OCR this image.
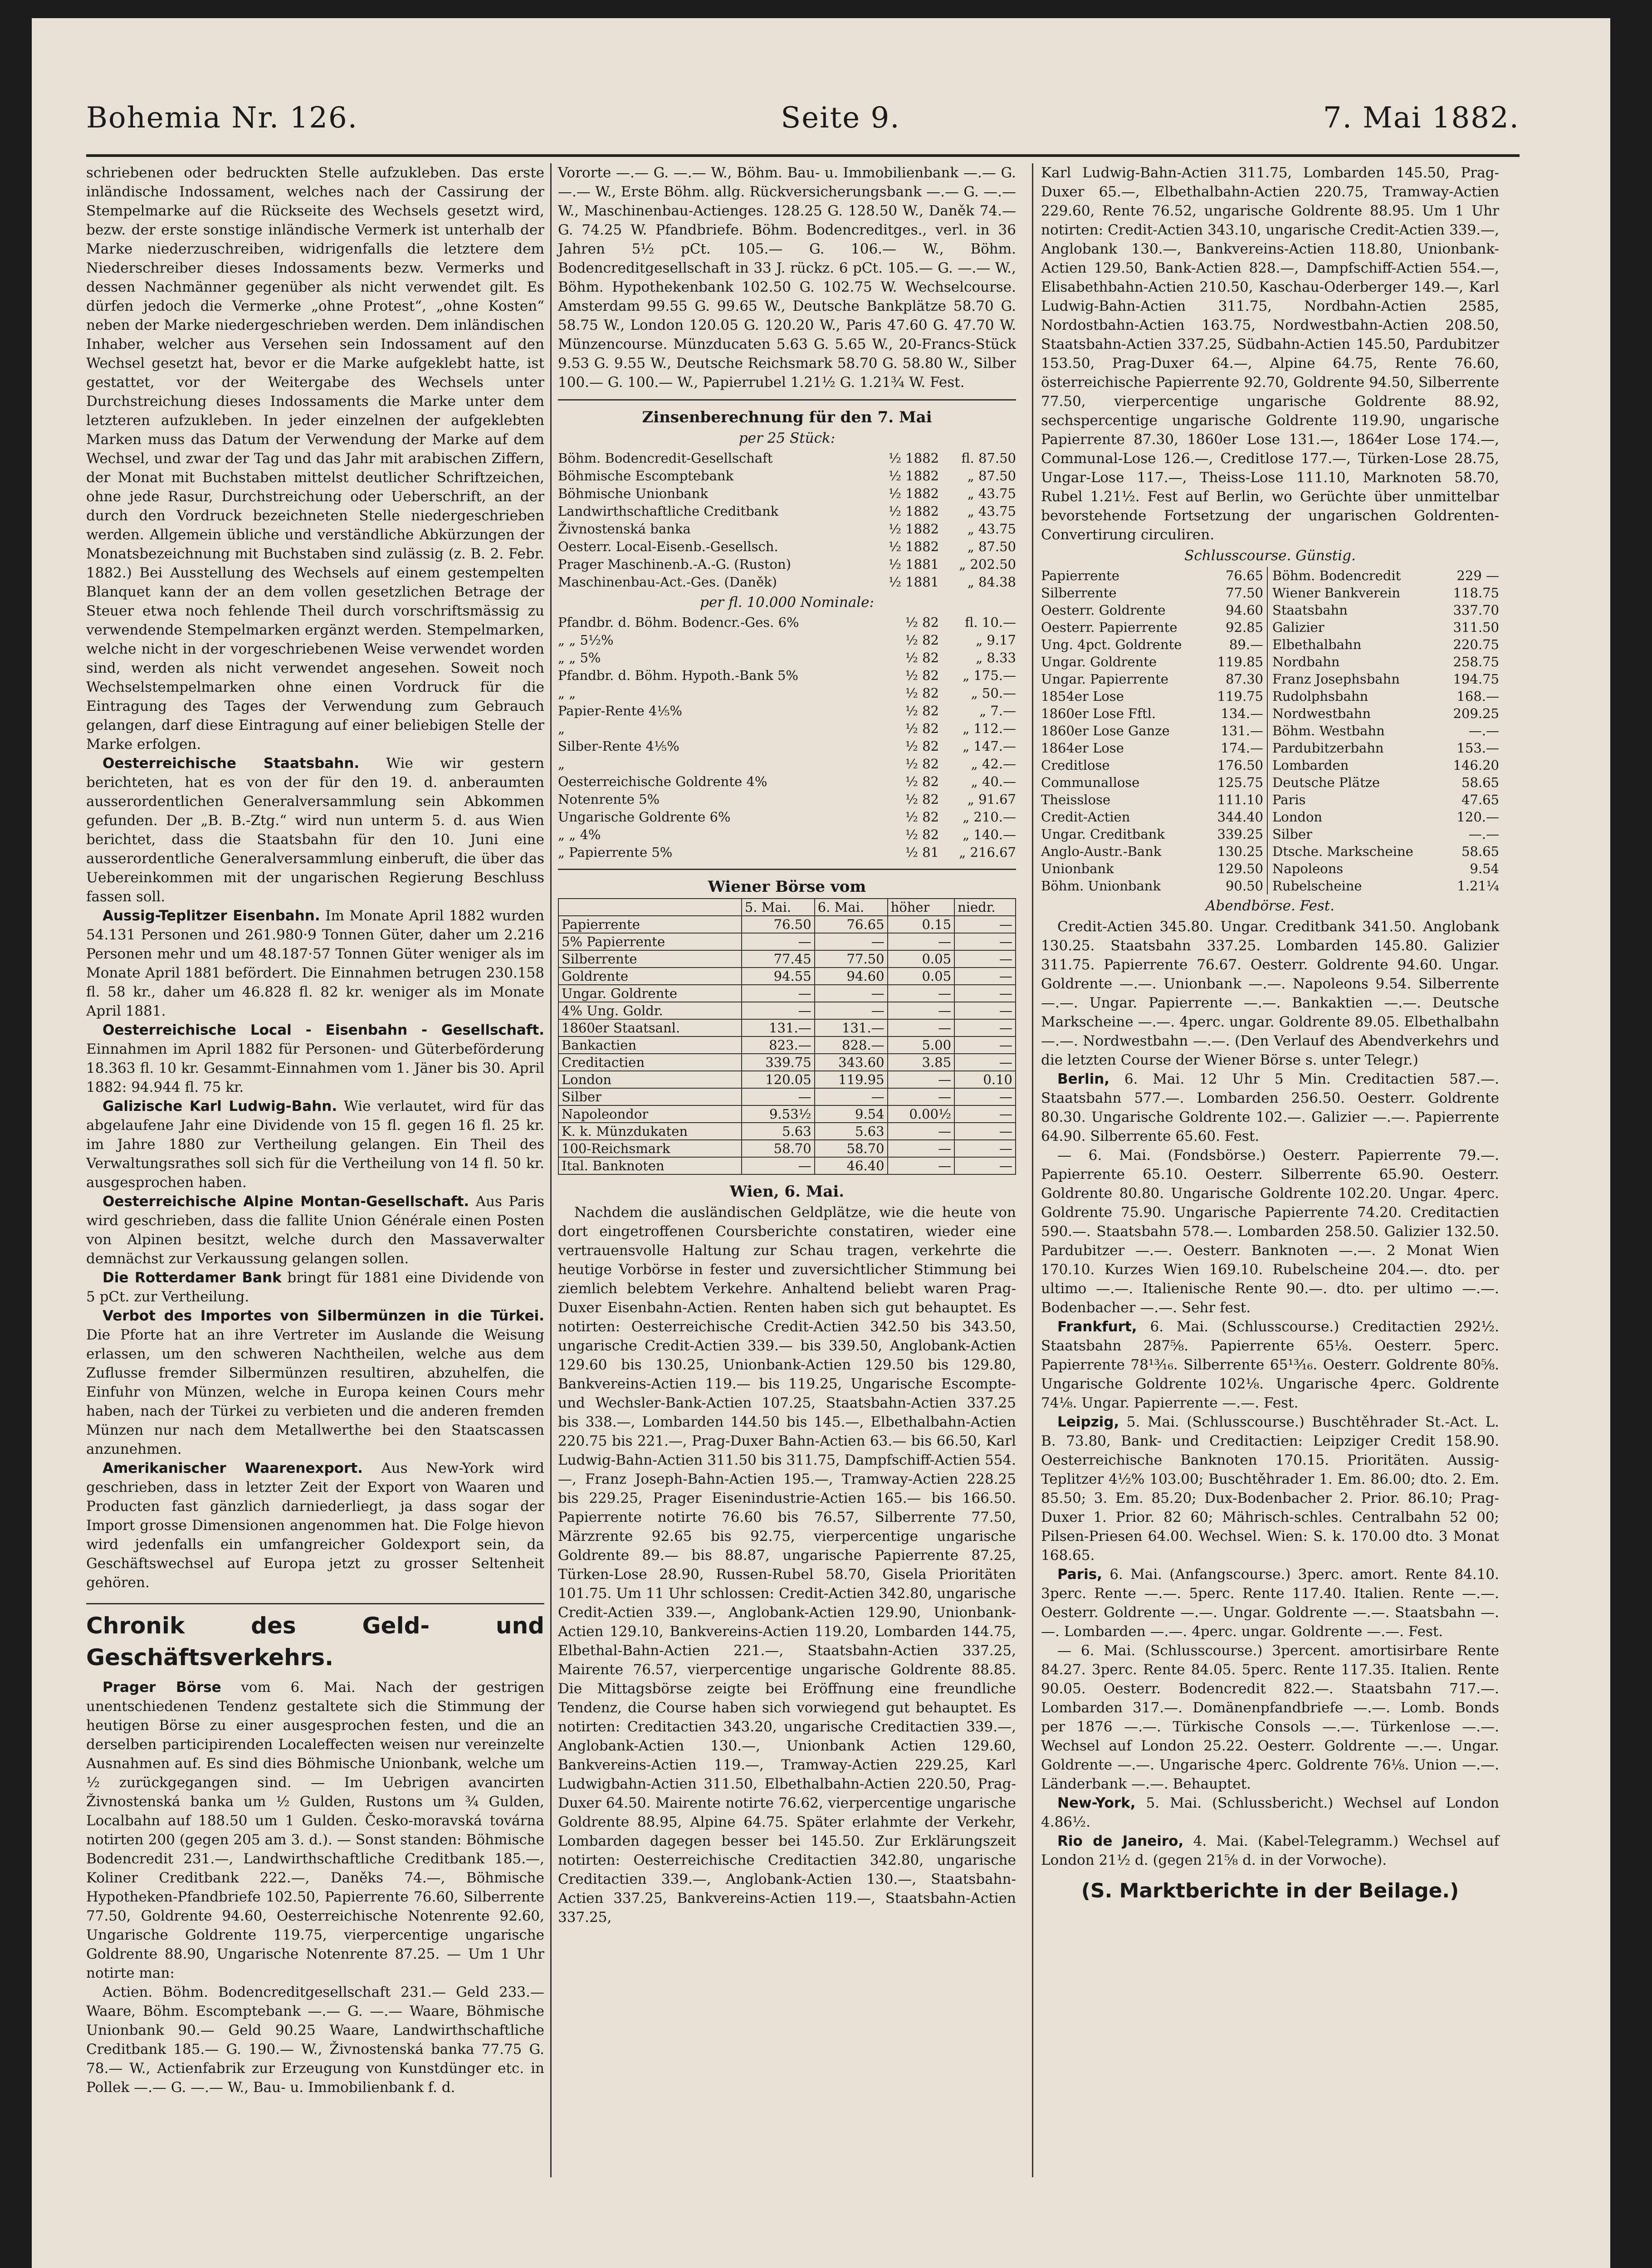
Bohemia Nr. 126.	Seite 9.	7. Mai 1882.

schriebenen oder bedruckten Stelle aufzukleben. Das erste inländische Indossament, welches nach der Cassirung der Stempelmarke auf die Rückseite des Wechsels gesetzt wird, bezw. der erste sonstige inländische Vermerk ist unterhalb der Marke niederzuschreiben, widrigenfalls die letztere dem Niederschreiber dieses Indossaments bezw. Vermerks und dessen Nachmänner gegenüber als nicht verwendet gilt. Es dürfen jedoch die Vermerke „ohne Protest“, „ohne Kosten“ neben der Marke niedergeschrieben werden. Dem inländischen Inhaber, welcher aus Versehen sein Indossament auf den Wechsel gesetzt hat, bevor er die Marke aufgeklebt hatte, ist gestattet, vor der Weitergabe des Wechsels unter Durchstreichung dieses Indossaments die Marke unter dem letzteren aufzukleben. In jeder einzelnen der aufgeklebten Marken muss das Datum der Verwendung der Marke auf dem Wechsel, und zwar der Tag und das Jahr mit arabischen Ziffern, der Monat mit Buchstaben mittelst deutlicher Schriftzeichen, ohne jede Rasur, Durchstreichung oder Ueberschrift, an der durch den Vordruck bezeichneten Stelle niedergeschrieben werden. Allgemein übliche und verständliche Abkürzungen der Monatsbezeichnung mit Buchstaben sind zulässig (z. B. 2. Febr. 1882.) Bei Ausstellung des Wechsels auf einem gestempelten Blanquet kann der an dem vollen gesetzlichen Betrage der Steuer etwa noch fehlende Theil durch vorschriftsmässig zu verwendende Stempelmarken ergänzt werden. Stempelmarken, welche nicht in der vorgeschriebenen Weise verwendet worden sind, werden als nicht verwendet angesehen. Soweit noch Wechselstempelmarken ohne einen Vordruck für die Eintragung des Tages der Verwendung zum Gebrauch gelangen, darf diese Eintragung auf einer beliebigen Stelle der Marke erfolgen.

Oesterreichische Staatsbahn. Wie wir gestern berichteten, hat es von der für den 19. d. anberaumten ausserordentlichen Generalversammlung sein Abkommen gefunden. Der „B. B.-Ztg.“ wird nun unterm 5. d. aus Wien berichtet, dass die Staatsbahn für den 10. Juni eine ausserordentliche Generalversammlung einberuft, die über das Uebereinkommen mit der ungarischen Regierung Beschluss fassen soll.

Aussig-Teplitzer Eisenbahn. Im Monate April 1882 wurden 54.131 Personen und 261.980·9 Tonnen Güter, daher um 2.216 Personen mehr und um 48.187·57 Tonnen Güter weniger als im Monate April 1881 befördert. Die Einnahmen betrugen 230.158 fl. 58 kr., daher um 46.828 fl. 82 kr. weniger als im Monate April 1881.

Oesterreichische Local - Eisenbahn - Gesellschaft. Einnahmen im April 1882 für Personen- und Güterbeförderung 18.363 fl. 10 kr. Gesammt-Einnahmen vom 1. Jäner bis 30. April 1882: 94.944 fl. 75 kr.

Galizische Karl Ludwig-Bahn. Wie verlautet, wird für das abgelaufene Jahr eine Dividende von 15 fl. gegen 16 fl. 25 kr. im Jahre 1880 zur Vertheilung gelangen. Ein Theil des Verwaltungsrathes soll sich für die Vertheilung von 14 fl. 50 kr. ausgesprochen haben.

Oesterreichische Alpine Montan-Gesellschaft. Aus Paris wird geschrieben, dass die fallite Union Générale einen Posten von Alpinen besitzt, welche durch den Massaverwalter demnächst zur Verkaussung gelangen sollen.

Die Rotterdamer Bank bringt für 1881 eine Dividende von 5 pCt. zur Vertheilung.

Verbot des Importes von Silbermünzen in die Türkei. Die Pforte hat an ihre Vertreter im Auslande die Weisung erlassen, um den schweren Nachtheilen, welche aus dem Zuflusse fremder Silbermünzen resultiren, abzuhelfen, die Einfuhr von Münzen, welche in Europa keinen Cours mehr haben, nach der Türkei zu verbieten und die anderen fremden Münzen nur nach dem Metallwerthe bei den Staatscassen anzunehmen.

Amerikanischer Waarenexport. Aus New-York wird geschrieben, dass in letzter Zeit der Export von Waaren und Producten fast gänzlich darniederliegt, ja dass sogar der Import grosse Dimensionen angenommen hat. Die Folge hievon wird jedenfalls ein umfangreicher Goldexport sein, da Geschäftswechsel auf Europa jetzt zu grosser Seltenheit gehören.

Chronik des Geld- und Geschäftsverkehrs.

Prager Börse vom 6. Mai. Nach der gestrigen unentschiedenen Tendenz gestaltete sich die Stimmung der heutigen Börse zu einer ausgesprochen festen, und die an derselben participirenden Localeffecten weisen nur vereinzelte Ausnahmen auf. Es sind dies Böhmische Unionbank, welche um ½ zurückgegangen sind. — Im Uebrigen avancirten Živnostenská banka um ½ Gulden, Rustons um ¾ Gulden, Localbahn auf 188.50 um 1 Gulden. Česko-moravská továrna notirten 200 (gegen 205 am 3. d.). — Sonst standen: Böhmische Bodencredit 231.—, Landwirthschaftliche Creditbank 185.—, Koliner Creditbank 222.—, Daněks 74.—, Böhmische Hypotheken-Pfandbriefe 102.50, Papierrente 76.60, Silberrente 77.50, Goldrente 94.60, Oesterreichische Notenrente 92.60, Ungarische Goldrente 119.75, vierpercentige ungarische Goldrente 88.90, Ungarische Notenrente 87.25. — Um 1 Uhr notirte man:

Actien. Böhm. Bodencreditgesellschaft 231.— Geld 233.— Waare, Böhm. Escomptebank —.— G. —.— Waare, Böhmische Unionbank 90.— Geld 90.25 Waare, Landwirthschaftliche Creditbank 185.— G. 190.— W., Živnostenská banka 77.75 G. 78.— W., Actienfabrik zur Erzeugung von Kunstdünger etc. in Pollek —.— G. —.— W., Bau- u. Immobilienbank f. d.

Vororte —.— G. —.— W., Böhm. Bau- u. Immobilienbank —.— G. —.— W., Erste Böhm. allg. Rückversicherungsbank —.— G. —.— W., Maschinenbau-Actienges. 128.25 G. 128.50 W., Daněk 74.— G. 74.25 W. Pfandbriefe. Böhm. Bodencreditges., verl. in 36 Jahren 5½ pCt. 105.— G. 106.— W., Böhm. Bodencreditgesellschaft in 33 J. rückz. 6 pCt. 105.— G. —.— W., Böhm. Hypothekenbank 102.50 G. 102.75 W. Wechselcourse. Amsterdam 99.55 G. 99.65 W., Deutsche Bankplätze 58.70 G. 58.75 W., London 120.05 G. 120.20 W., Paris 47.60 G. 47.70 W. Münzencourse. Münzducaten 5.63 G. 5.65 W., 20-Francs-Stück 9.53 G. 9.55 W., Deutsche Reichsmark 58.70 G. 58.80 W., Silber 100.— G. 100.— W., Papierrubel 1.21½ G. 1.21¾ W. Fest.

Zinsenberechnung für den 7. Mai
per 25 Stück:
Böhm. Bodencredit-Gesellschaft	½ 1882	fl. 87.50
Böhmische Escomptebank	½ 1882	„ 87.50
Böhmische Unionbank	½ 1882	„ 43.75
Landwirthschaftliche Creditbank	½ 1882	„ 43.75
Živnostenská banka	½ 1882	„ 43.75
Oesterr. Local-Eisenb.-Gesellsch.	½ 1882	„ 87.50
Prager Maschinenb.-A.-G. (Ruston)	½ 1881	„ 202.50
Maschinenbau-Act.-Ges. (Daněk)	½ 1881	„ 84.38
per fl. 10.000 Nominale:
Pfandbr. d. Böhm. Bodencr.-Ges. 6%	½ 82	fl. 10.—
„ „ 5½%	½ 82	„ 9.17
„ „ 5%	½ 82	„ 8.33
Pfandbr. d. Böhm. Hypoth.-Bank 5%	½ 82	„ 175.—
„ „	½ 82	„ 50.—
Papier-Rente 4⅕%	½ 82	„ 7.—
„	½ 82	„ 112.—
Silber-Rente 4⅕%	½ 82	„ 147.—
„	½ 82	„ 42.—
Oesterreichische Goldrente 4%	½ 82	„ 40.—
Notenrente 5%	½ 82	„ 91.67
Ungarische Goldrente 6%	½ 82	„ 210.—
„ „ 4%	½ 82	„ 140.—
„ Papierrente 5%	½ 81	„ 216.67
Wiener Börse vom
	5. Mai.	6. Mai.	höher	niedr.
Papierrente	76.50	76.65	0.15	—
5% Papierrente	—	—	—	—
Silberrente	77.45	77.50	0.05	—
Goldrente	94.55	94.60	0.05	—
Ungar. Goldrente	—	—	—	—
4% Ung. Goldr.	—	—	—	—
1860er Staatsanl.	131.—	131.—	—	—
Bankactien	823.—	828.—	5.00	—
Creditactien	339.75	343.60	3.85	—
London	120.05	119.95	—	0.10
Silber	—	—	—	—
Napoleondor	9.53½	9.54	0.00½	—
K. k. Münzdukaten	5.63	5.63	—	—
100-Reichsmark	58.70	58.70	—	—
Ital. Banknoten	—	46.40	—	—
Wien, 6. Mai.

Nachdem die ausländischen Geldplätze, wie die heute von dort eingetroffenen Coursberichte constatiren, wieder eine vertrauensvolle Haltung zur Schau tragen, verkehrte die heutige Vorbörse in fester und zuversichtlicher Stimmung bei ziemlich belebtem Verkehre. Anhaltend beliebt waren Prag-Duxer Eisenbahn-Actien. Renten haben sich gut behauptet. Es notirten: Oesterreichische Credit-Actien 342.50 bis 343.50, ungarische Credit-Actien 339.— bis 339.50, Anglobank-Actien 129.60 bis 130.25, Unionbank-Actien 129.50 bis 129.80, Bankvereins-Actien 119.— bis 119.25, Ungarische Escompte- und Wechsler-Bank-Actien 107.25, Staatsbahn-Actien 337.25 bis 338.—, Lombarden 144.50 bis 145.—, Elbethalbahn-Actien 220.75 bis 221.—, Prag-Duxer Bahn-Actien 63.— bis 66.50, Karl Ludwig-Bahn-Actien 311.50 bis 311.75, Dampfschiff-Actien 554.—, Franz Joseph-Bahn-Actien 195.—, Tramway-Actien 228.25 bis 229.25, Prager Eisenindustrie-Actien 165.— bis 166.50. Papierrente notirte 76.60 bis 76.57, Silberrente 77.50, Märzrente 92.65 bis 92.75, vierpercentige ungarische Goldrente 89.— bis 88.87, ungarische Papierrente 87.25, Türken-Lose 28.90, Russen-Rubel 58.70, Gisela Prioritäten 101.75. Um 11 Uhr schlossen: Credit-Actien 342.80, ungarische Credit-Actien 339.—, Anglobank-Actien 129.90, Unionbank-Actien 129.10, Bankvereins-Actien 119.20, Lombarden 144.75, Elbethal-Bahn-Actien 221.—, Staatsbahn-Actien 337.25, Mairente 76.57, vierpercentige ungarische Goldrente 88.85. Die Mittagsbörse zeigte bei Eröffnung eine freundliche Tendenz, die Course haben sich vorwiegend gut behauptet. Es notirten: Creditactien 343.20, ungarische Creditactien 339.—, Anglobank-Actien 130.—, Unionbank Actien 129.60, Bankvereins-Actien 119.—, Tramway-Actien 229.25, Karl Ludwigbahn-Actien 311.50, Elbethalbahn-Actien 220.50, Prag-Duxer 64.50. Mairente notirte 76.62, vierpercentige ungarische Goldrente 88.95, Alpine 64.75. Später erlahmte der Verkehr, Lombarden dagegen besser bei 145.50. Zur Erklärungszeit notirten: Oesterreichische Creditactien 342.80, ungarische Creditactien 339.—, Anglobank-Actien 130.—, Staatsbahn-Actien 337.25, Bankvereins-Actien 119.—, Staatsbahn-Actien 337.25,

Karl Ludwig-Bahn-Actien 311.75, Lombarden 145.50, Prag-Duxer 65.—, Elbethalbahn-Actien 220.75, Tramway-Actien 229.60, Rente 76.52, ungarische Goldrente 88.95. Um 1 Uhr notirten: Credit-Actien 343.10, ungarische Credit-Actien 339.—, Anglobank 130.—, Bankvereins-Actien 118.80, Unionbank-Actien 129.50, Bank-Actien 828.—, Dampfschiff-Actien 554.—, Elisabethbahn-Actien 210.50, Kaschau-Oderberger 149.—, Karl Ludwig-Bahn-Actien 311.75, Nordbahn-Actien 2585, Nordostbahn-Actien 163.75, Nordwestbahn-Actien 208.50, Staatsbahn-Actien 337.25, Südbahn-Actien 145.50, Pardubitzer 153.50, Prag-Duxer 64.—, Alpine 64.75, Rente 76.60, österreichische Papierrente 92.70, Goldrente 94.50, Silberrente 77.50, vierpercentige ungarische Goldrente 88.92, sechspercentige ungarische Goldrente 119.90, ungarische Papierrente 87.30, 1860er Lose 131.—, 1864er Lose 174.—, Communal-Lose 126.—, Creditlose 177.—, Türken-Lose 28.75, Ungar-Lose 117.—, Theiss-Lose 111.10, Marknoten 58.70, Rubel 1.21½. Fest auf Berlin, wo Gerüchte über unmittelbar bevorstehende Fortsetzung der ungarischen Goldrenten-Convertirung circuliren.

Schlusscourse. Günstig.
Papierrente	76.65
Silberrente	77.50
Oesterr. Goldrente	94.60
Oesterr. Papierrente	92.85
Ung. 4pct. Goldrente	89.—
Ungar. Goldrente	119.85
Ungar. Papierrente	87.30
1854er Lose	119.75
1860er Lose Fftl.	134.—
1860er Lose Ganze	131.—
1864er Lose	174.—
Creditlose	176.50
Communallose	125.75
Theisslose	111.10
Credit-Actien	344.40
Ungar. Creditbank	339.25
Anglo-Austr.-Bank	130.25
Unionbank	129.50
Böhm. Unionbank	90.50
Böhm. Bodencredit	229 —
Wiener Bankverein	118.75
Staatsbahn	337.70
Galizier	311.50
Elbethalbahn	220.75
Nordbahn	258.75
Franz Josephsbahn	194.75
Rudolphsbahn	168.—
Nordwestbahn	209.25
Böhm. Westbahn	—.—
Pardubitzerbahn	153.—
Lombarden	146.20
Deutsche Plätze	58.65
Paris	47.65
London	120.—
Silber	—.—
Dtsche. Markscheine	58.65
Napoleons	9.54
Rubelscheine	1.21¼
Abendbörse. Fest.

Credit-Actien 345.80. Ungar. Creditbank 341.50. Anglobank 130.25. Staatsbahn 337.25. Lombarden 145.80. Galizier 311.75. Papierrente 76.67. Oesterr. Goldrente 94.60. Ungar. Goldrente —.—. Unionbank —.—. Napoleons 9.54. Silberrente —.—. Ungar. Papierrente —.—. Bankaktien —.—. Deutsche Markscheine —.—. 4perc. ungar. Goldrente 89.05. Elbethalbahn —.—. Nordwestbahn —.—. (Den Verlauf des Abendverkehrs und die letzten Course der Wiener Börse s. unter Telegr.)

Berlin, 6. Mai. 12 Uhr 5 Min. Creditactien 587.—. Staatsbahn 577.—. Lombarden 256.50. Oesterr. Goldrente 80.30. Ungarische Goldrente 102.—. Galizier —.—. Papierrente 64.90. Silberrente 65.60. Fest.

— 6. Mai. (Fondsbörse.) Oesterr. Papierrente 79.—. Papierrente 65.10. Oesterr. Silberrente 65.90. Oesterr. Goldrente 80.80. Ungarische Goldrente 102.20. Ungar. 4perc. Goldrente 75.90. Ungarische Papierrente 74.20. Creditactien 590.—. Staatsbahn 578.—. Lombarden 258.50. Galizier 132.50. Pardubitzer —.—. Oesterr. Banknoten —.—. 2 Monat Wien 170.10. Kurzes Wien 169.10. Rubelscheine 204.—. dto. per ultimo —.—. Italienische Rente 90.—. dto. per ultimo —.—. Bodenbacher —.—. Sehr fest.

Frankfurt, 6. Mai. (Schlusscourse.) Creditactien 292½. Staatsbahn 287⅝. Papierrente 65⅛. Oesterr. 5perc. Papierrente 78¹³⁄₁₆. Silberrente 65¹³⁄₁₆. Oesterr. Goldrente 80⅝. Ungarische Goldrente 102⅛. Ungarische 4perc. Goldrente 74⅛. Ungar. Papierrente —.—. Fest.

Leipzig, 5. Mai. (Schlusscourse.) Buschtěhrader St.-Act. L. B. 73.80, Bank- und Creditactien: Leipziger Credit 158.90. Oesterreichische Banknoten 170.15. Prioritäten. Aussig-Teplitzer 4½% 103.00; Buschtěhrader 1. Em. 86.00; dto. 2. Em. 85.50; 3. Em. 85.20; Dux-Bodenbacher 2. Prior. 86.10; Prag-Duxer 1. Prior. 82 60; Mährisch-schles. Centralbahn 52 00; Pilsen-Priesen 64.00. Wechsel. Wien: S. k. 170.00 dto. 3 Monat 168.65.

Paris, 6. Mai. (Anfangscourse.) 3perc. amort. Rente 84.10. 3perc. Rente —.—. 5perc. Rente 117.40. Italien. Rente —.—. Oesterr. Goldrente —.—. Ungar. Goldrente —.—. Staatsbahn —.—. Lombarden —.—. 4perc. ungar. Goldrente —.—. Fest.

— 6. Mai. (Schlusscourse.) 3percent. amortisirbare Rente 84.27. 3perc. Rente 84.05. 5perc. Rente 117.35. Italien. Rente 90.05. Oesterr. Bodencredit 822.—. Staatsbahn 717.—. Lombarden 317.—. Domänenpfandbriefe —.—. Lomb. Bonds per 1876 —.—. Türkische Consols —.—. Türkenlose —.—. Wechsel auf London 25.22. Oesterr. Goldrente —.—. Ungar. Goldrente —.—. Ungarische 4perc. Goldrente 76⅛. Union —.—. Länderbank —.—. Behauptet.

New-York, 5. Mai. (Schlussbericht.) Wechsel auf London 4.86½.

Rio de Janeiro, 4. Mai. (Kabel-Telegramm.) Wechsel auf London 21½ d. (gegen 21⅝ d. in der Vorwoche).

(S. Marktberichte in der Beilage.)
